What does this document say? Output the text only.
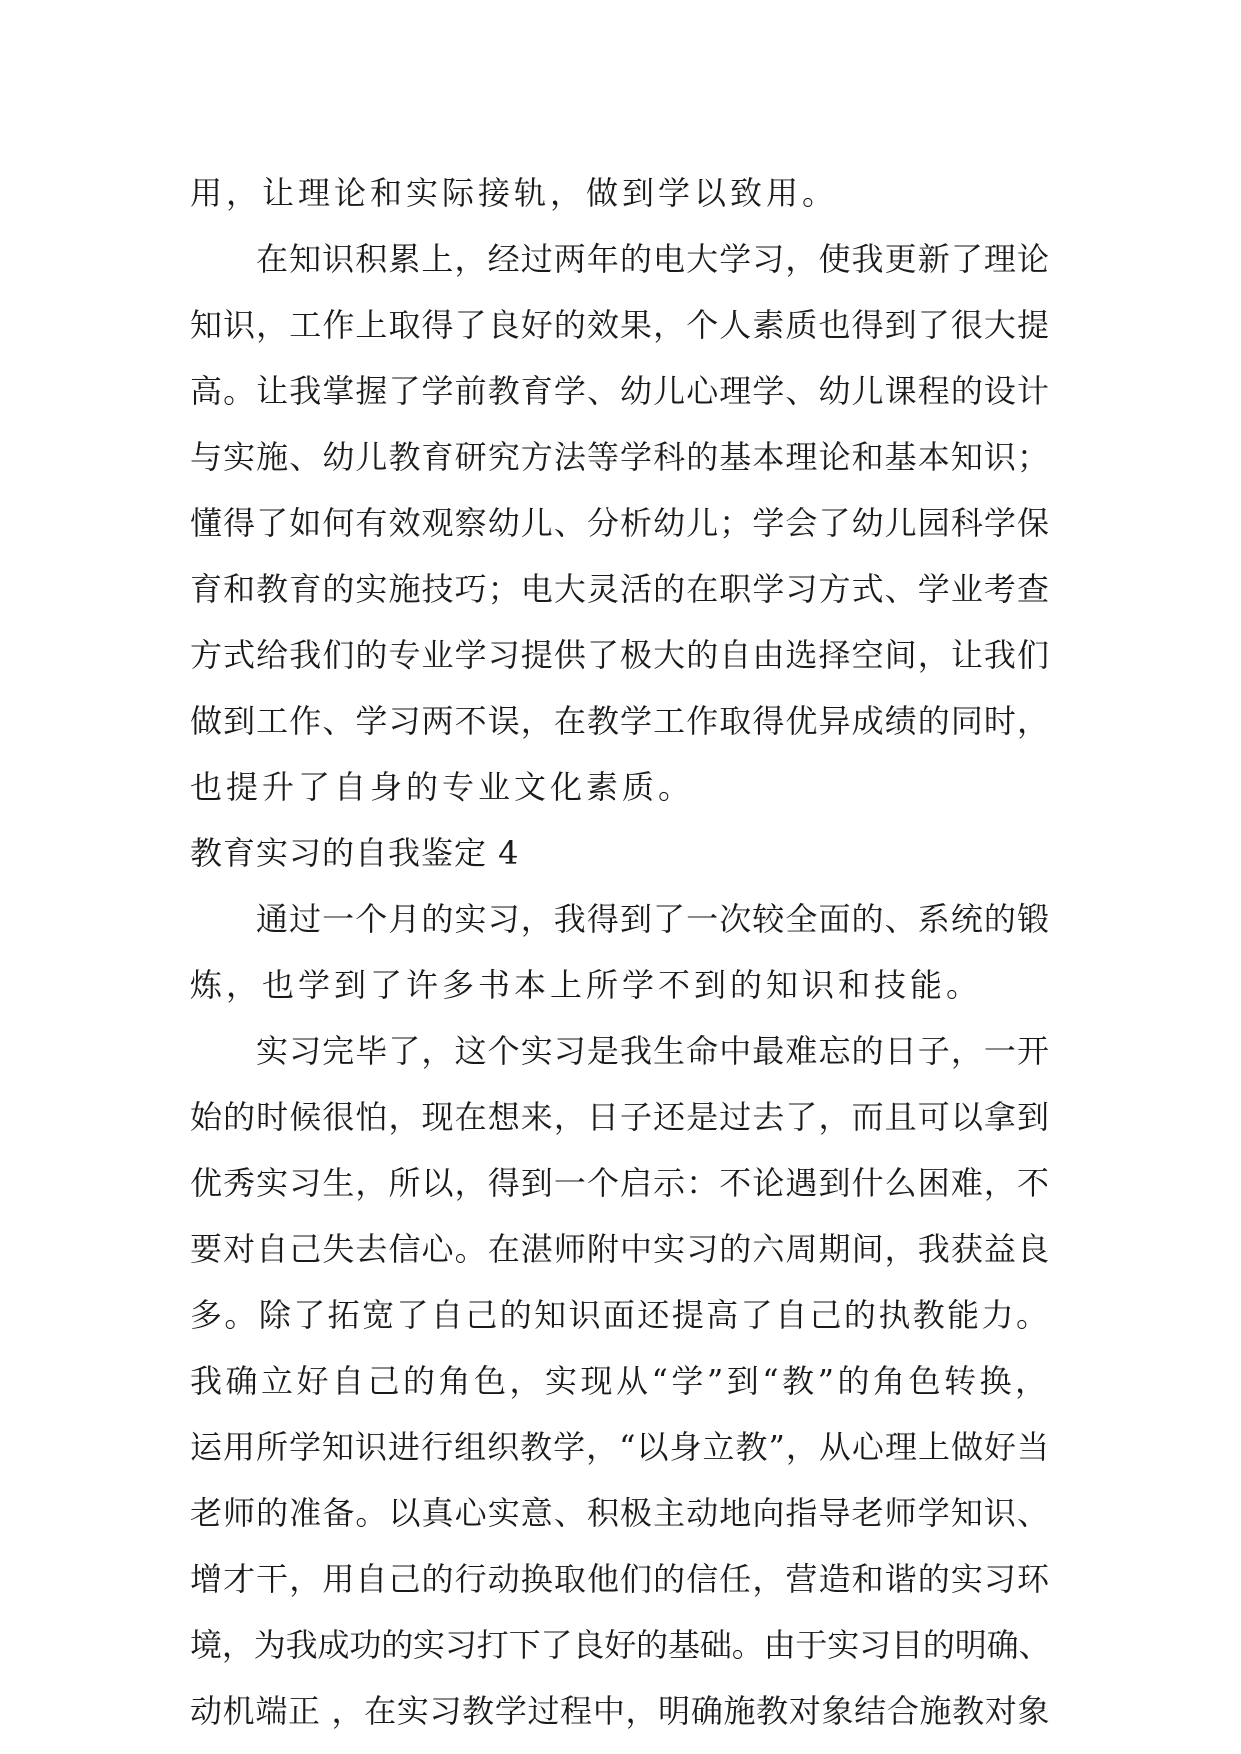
用，让理论和实际接轨，做到学以致用。
在知识积累上，经过两年的电大学习，使我更新了理论
知识，工作上取得了良好的效果，个人素质也得到了很大提
高。让我掌握了学前教育学、幼儿心理学、幼儿课程的设计
与实施、幼儿教育研究方法等学科的基本理论和基本知识；
懂得了如何有效观察幼儿、分析幼儿；学会了幼儿园科学保
育和教育的实施技巧；电大灵活的在职学习方式、学业考查
方式给我们的专业学习提供了极大的自由选择空间，让我们
做到工作、学习两不误，在教学工作取得优异成绩的同时，
也提升了自身的专业文化素质。
教育实习的自我鉴定 4
通过一个月的实习，我得到了一次较全面的、系统的锻
炼，也学到了许多书本上所学不到的知识和技能。
实习完毕了，这个实习是我生命中最难忘的日子，一开
始的时候很怕，现在想来，日子还是过去了，而且可以拿到
优秀实习生，所以，得到一个启示：不论遇到什么困难，不
要对自己失去信心。在湛师附中实习的六周期间，我获益良
多。除了拓宽了自己的知识面还提高了自己的执教能力。
我确立好自己的角色，实现从“学”到“教”的角色转换，
运用所学知识进行组织教学，“以身立教”，从心理上做好当
老师的准备。以真心实意、积极主动地向指导老师学知识、
增才干，用自己的行动换取他们的信任，营造和谐的实习环
境，为我成功的实习打下了良好的基础。由于实习目的明确、
动机端正 ，在实习教学过程中，明确施教对象结合施教对象
